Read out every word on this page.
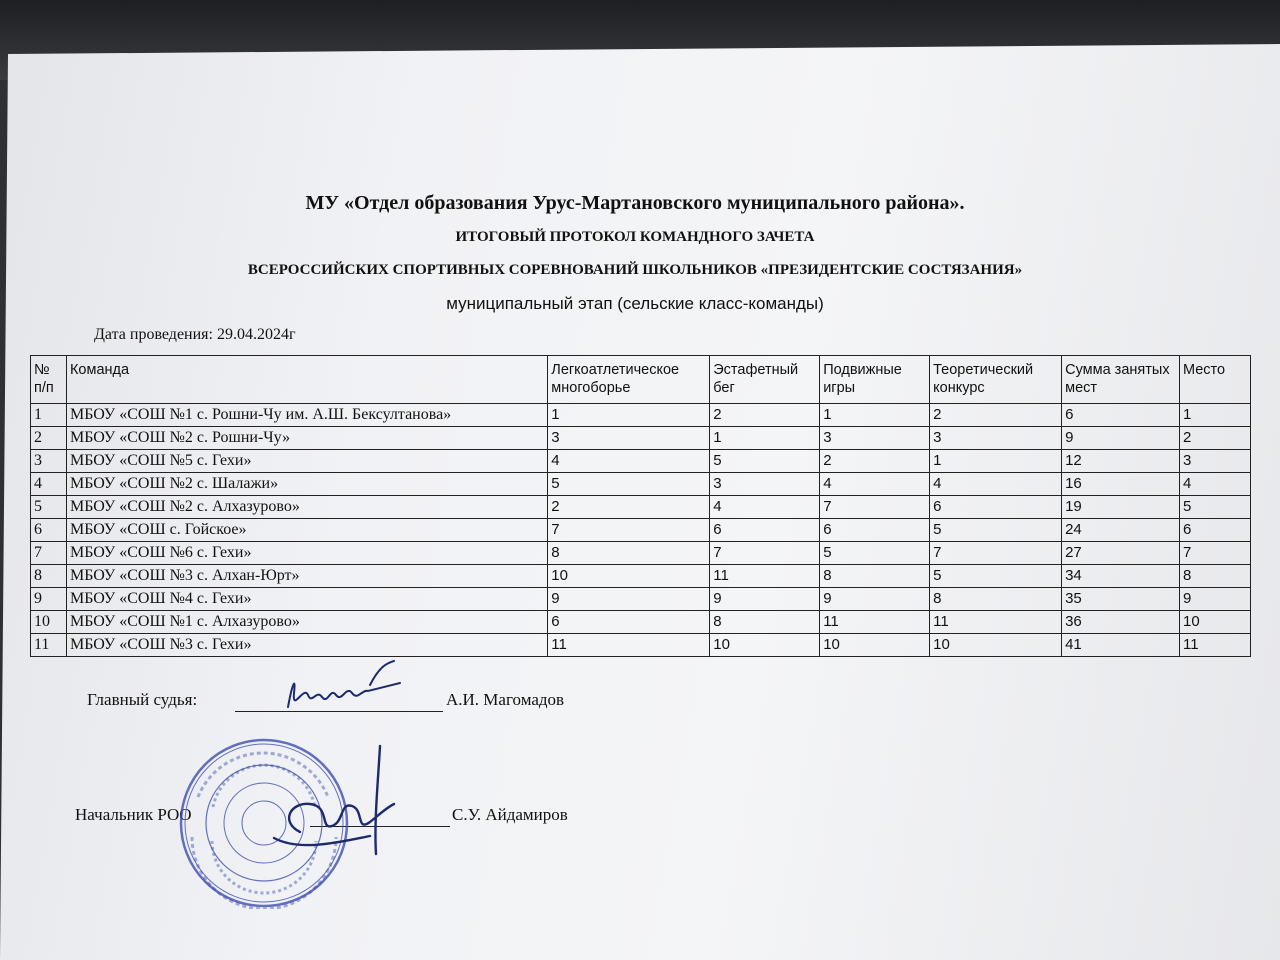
МУ «Отдел образования Урус-Мартановского муниципального района».
ИТОГОВЫЙ ПРОТОКОЛ КОМАНДНОГО ЗАЧЕТА
ВСЕРОССИЙСКИХ СПОРТИВНЫХ СОРЕВНОВАНИЙ ШКОЛЬНИКОВ «ПРЕЗИДЕНТСКИЕ СОСТЯЗАНИЯ»
муниципальный этап (сельские класс-команды)
Дата проведения: 29.04.2024г
№ п/п	Команда	Легкоатлетическое многоборье	Эстафетный бег	Подвижные игры	Теоретический конкурс	Сумма занятых мест	Место
1	МБОУ «СОШ №1 с. Рошни-Чу им. А.Ш. Бексултанова»	1	2	1	2	6	1
2	МБОУ «СОШ №2 с. Рошни-Чу»	3	1	3	3	9	2
3	МБОУ «СОШ №5 с. Гехи»	4	5	2	1	12	3
4	МБОУ «СОШ №2 с. Шалажи»	5	3	4	4	16	4
5	МБОУ «СОШ №2 с. Алхазурово»	2	4	7	6	19	5
6	МБОУ «СОШ с. Гойское»	7	6	6	5	24	6
7	МБОУ «СОШ №6 с. Гехи»	8	7	5	7	27	7
8	МБОУ «СОШ №3 с. Алхан-Юрт»	10	11	8	5	34	8
9	МБОУ «СОШ №4 с. Гехи»	9	9	9	8	35	9
10	МБОУ «СОШ №1 с. Алхазурово»	6	8	11	11	36	10
11	МБОУ «СОШ №3 с. Гехи»	11	10	10	10	41	11
Главный судья:	А.И. Магомадов
Начальник РОО	С.У. Айдамиров
